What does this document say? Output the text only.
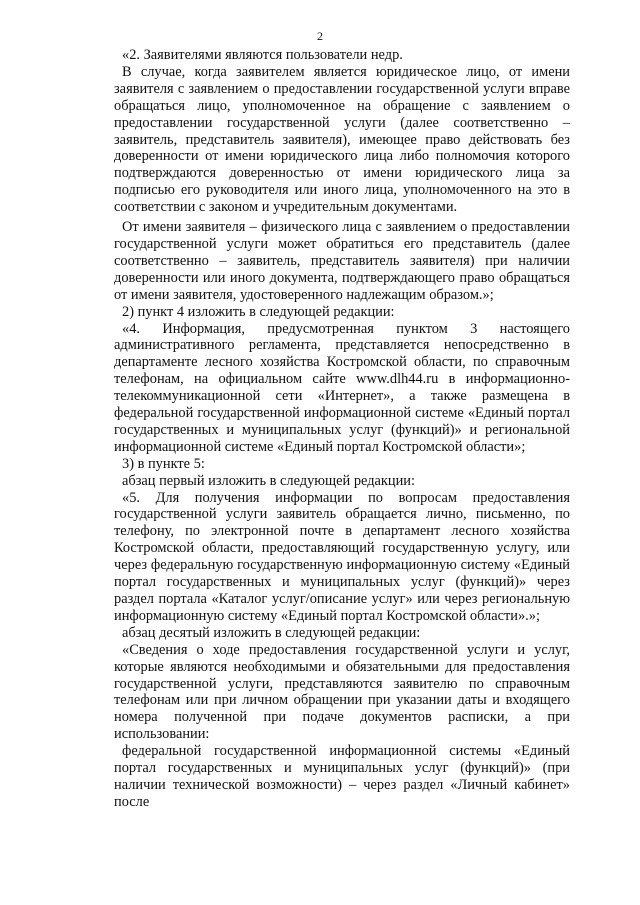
2

«2. Заявителями являются пользователи недр.

В случае, когда заявителем является юридическое лицо, от имени заявителя с заявлением о предоставлении государственной услуги вправе обращаться лицо, уполномоченное на обращение с заявлением о предоставлении государственной услуги (далее соответственно – заявитель, представитель заявителя), имеющее право действовать без доверенности от имени юридического лица либо полномочия которого подтверждаются доверенностью от имени юридического лица за подписью его руководителя или иного лица, уполномоченного на это в соответствии с законом и учредительным документами.

От имени заявителя – физического лица с заявлением о предоставлении государственной услуги может обратиться его представитель (далее соответственно – заявитель, представитель заявителя) при наличии доверенности или иного документа, подтверждающего право обращаться от имени заявителя, удостоверенного надлежащим образом.»;

2) пункт 4 изложить в следующей редакции:

«4. Информация, предусмотренная пунктом 3 настоящего административного регламента, представляется непосредственно в департаменте лесного хозяйства Костромской области, по справочным телефонам, на официальном сайте www.dlh44.ru в информационно-телекоммуникационной сети «Интернет», а также размещена в федеральной государственной информационной системе «Единый портал государственных и муниципальных услуг (функций)» и региональной информационной системе «Единый портал Костромской области»;

3) в пункте 5:

абзац первый изложить в следующей редакции:

«5. Для получения информации по вопросам предоставления государственной услуги заявитель обращается лично, письменно, по телефону, по электронной почте в департамент лесного хозяйства Костромской области, предоставляющий государственную услугу, или через федеральную государственную информационную систему «Единый портал государственных и муниципальных услуг (функций)» через раздел портала «Каталог услуг/описание услуг» или через региональную информационную систему «Единый портал Костромской области».»;

абзац десятый изложить в следующей редакции:

«Сведения о ходе предоставления государственной услуги и услуг, которые являются необходимыми и обязательными для предоставления государственной услуги, представляются заявителю по справочным телефонам или при личном обращении при указании даты и входящего номера полученной при подаче документов расписки, а при использовании:

федеральной государственной информационной системы «Единый портал государственных и муниципальных услуг (функций)» (при наличии технической возможности) – через раздел «Личный кабинет» после
